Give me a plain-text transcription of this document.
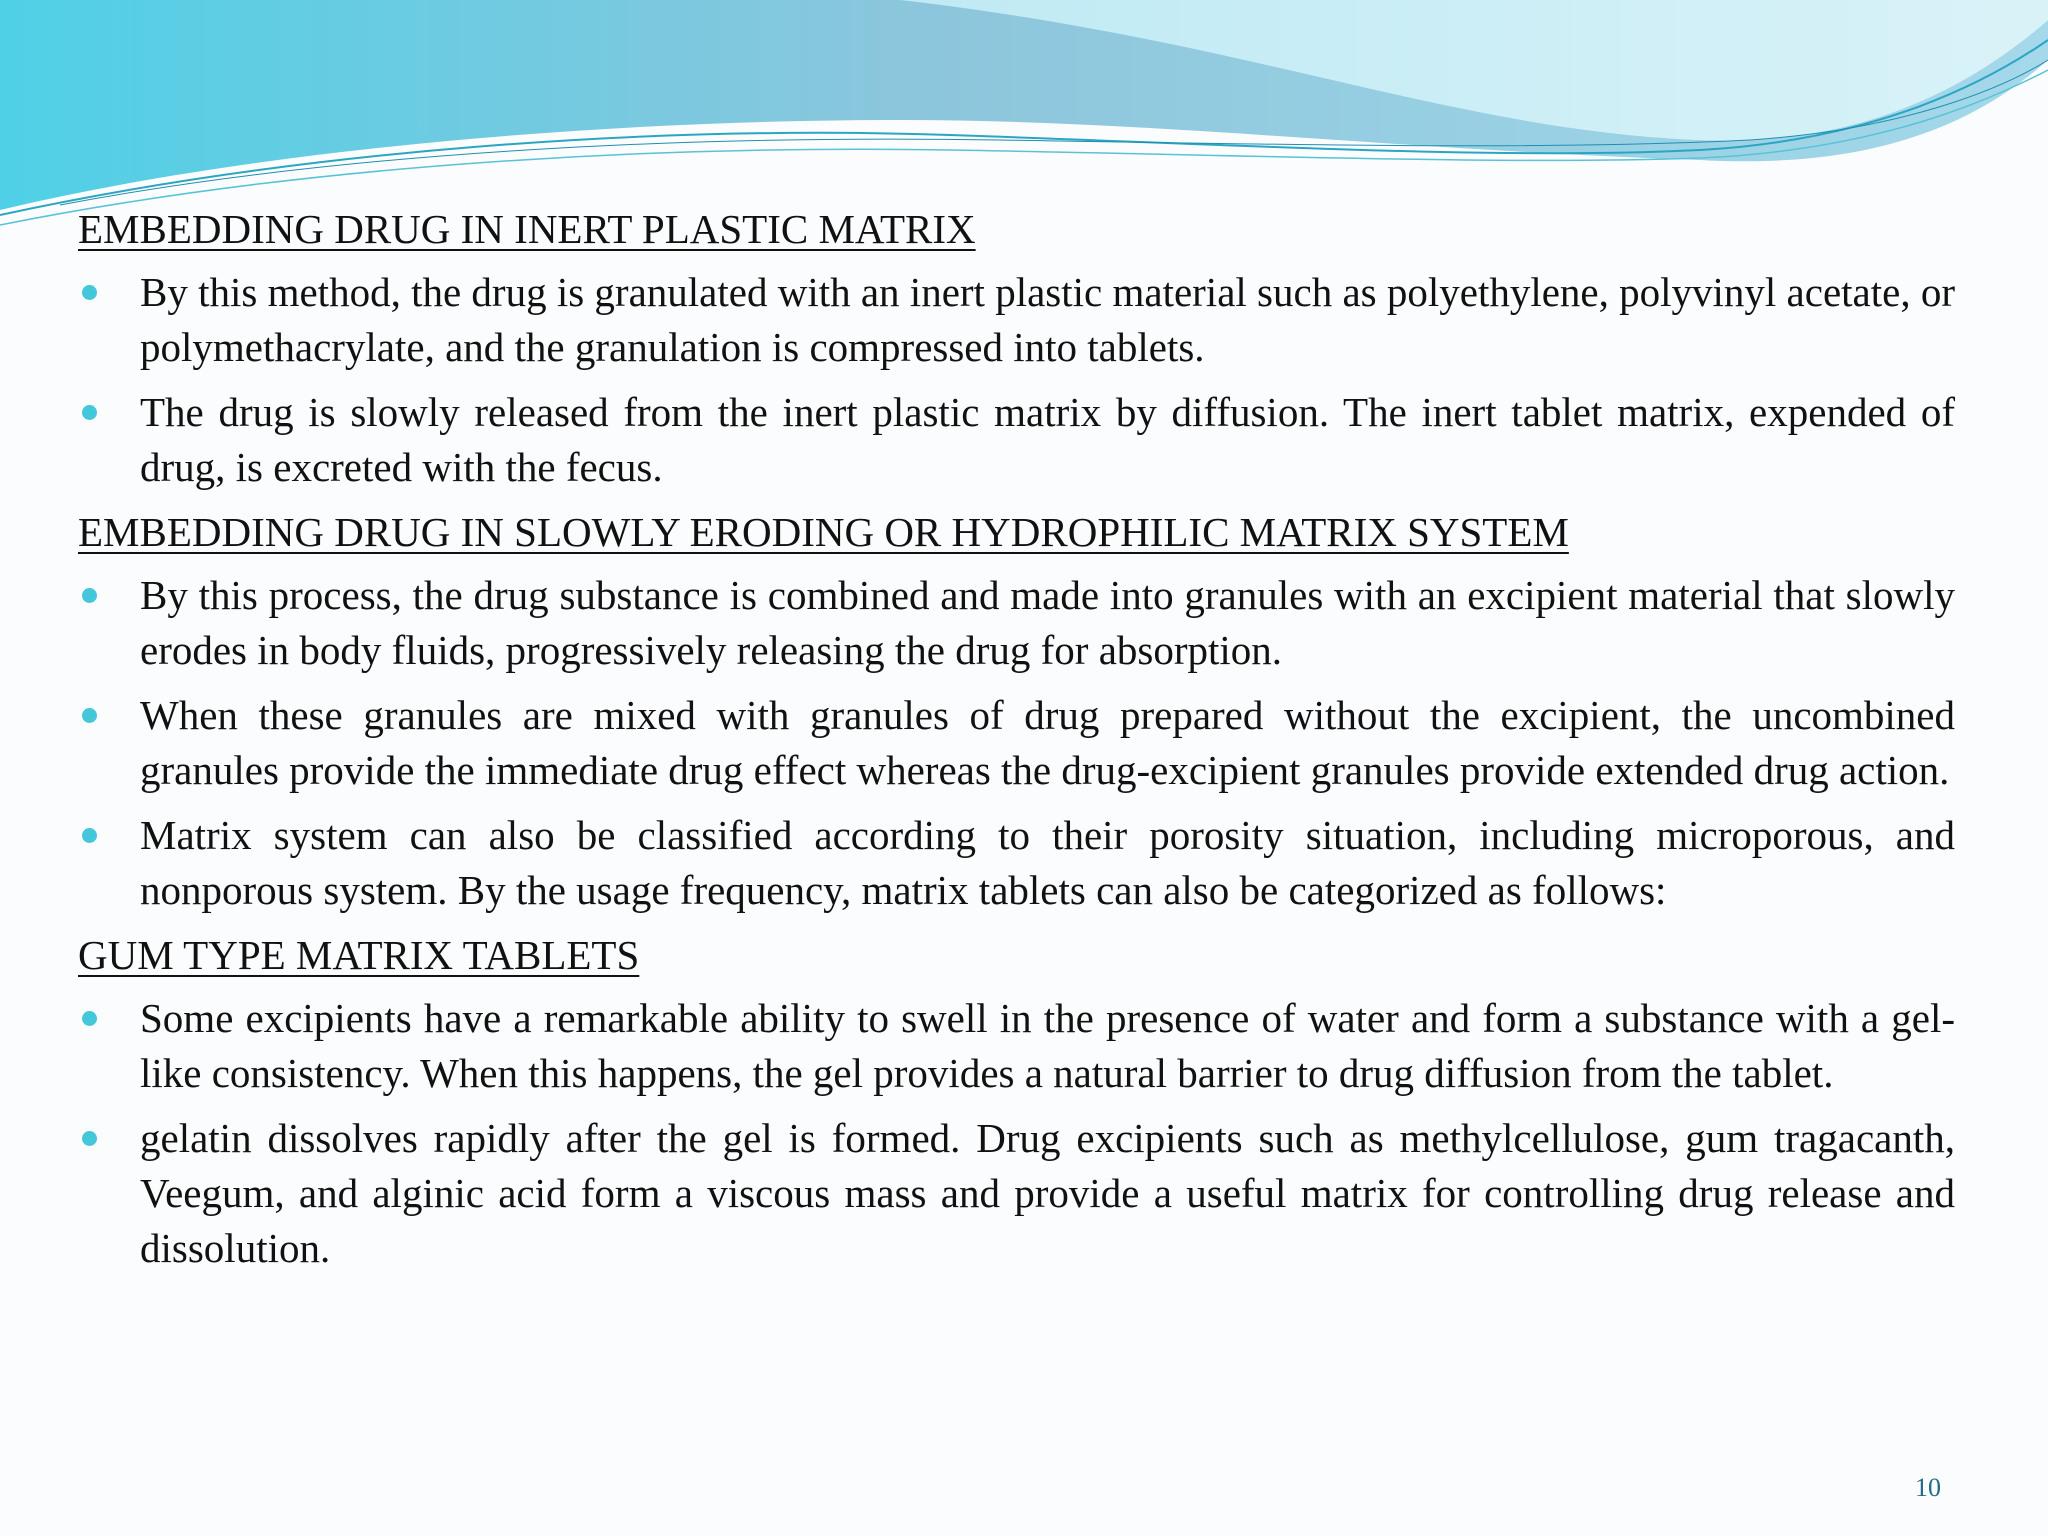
EMBEDDING DRUG IN INERT PLASTIC MATRIX
By this method, the drug is granulated with an inert plastic material such as polyethylene, polyvinyl acetate, or polymethacrylate, and the granulation is compressed into tablets.
The drug is slowly released from the inert plastic matrix by diffusion. The inert tablet matrix, expended of drug, is excreted with the fecus.
EMBEDDING DRUG IN SLOWLY ERODING OR HYDROPHILIC MATRIX SYSTEM
By this process, the drug substance is combined and made into granules with an excipient material that slowly erodes in body fluids, progressively releasing the drug for absorption.
When these granules are mixed with granules of drug prepared without the excipient, the uncombined granules provide the immediate drug effect whereas the drug-excipient granules provide extended drug action.
Matrix system can also be classified according to their porosity situation, including microporous, and nonporous system. By the usage frequency, matrix tablets can also be categorized as follows:
GUM TYPE MATRIX TABLETS
Some excipients have a remarkable ability to swell in the presence of water and form a substance with a gel-like consistency. When this happens, the gel provides a natural barrier to drug diffusion from the tablet.
gelatin dissolves rapidly after the gel is formed. Drug excipients such as methylcellulose, gum tragacanth, Veegum, and alginic acid form a viscous mass and provide a useful matrix for controlling drug release and dissolution.
10
